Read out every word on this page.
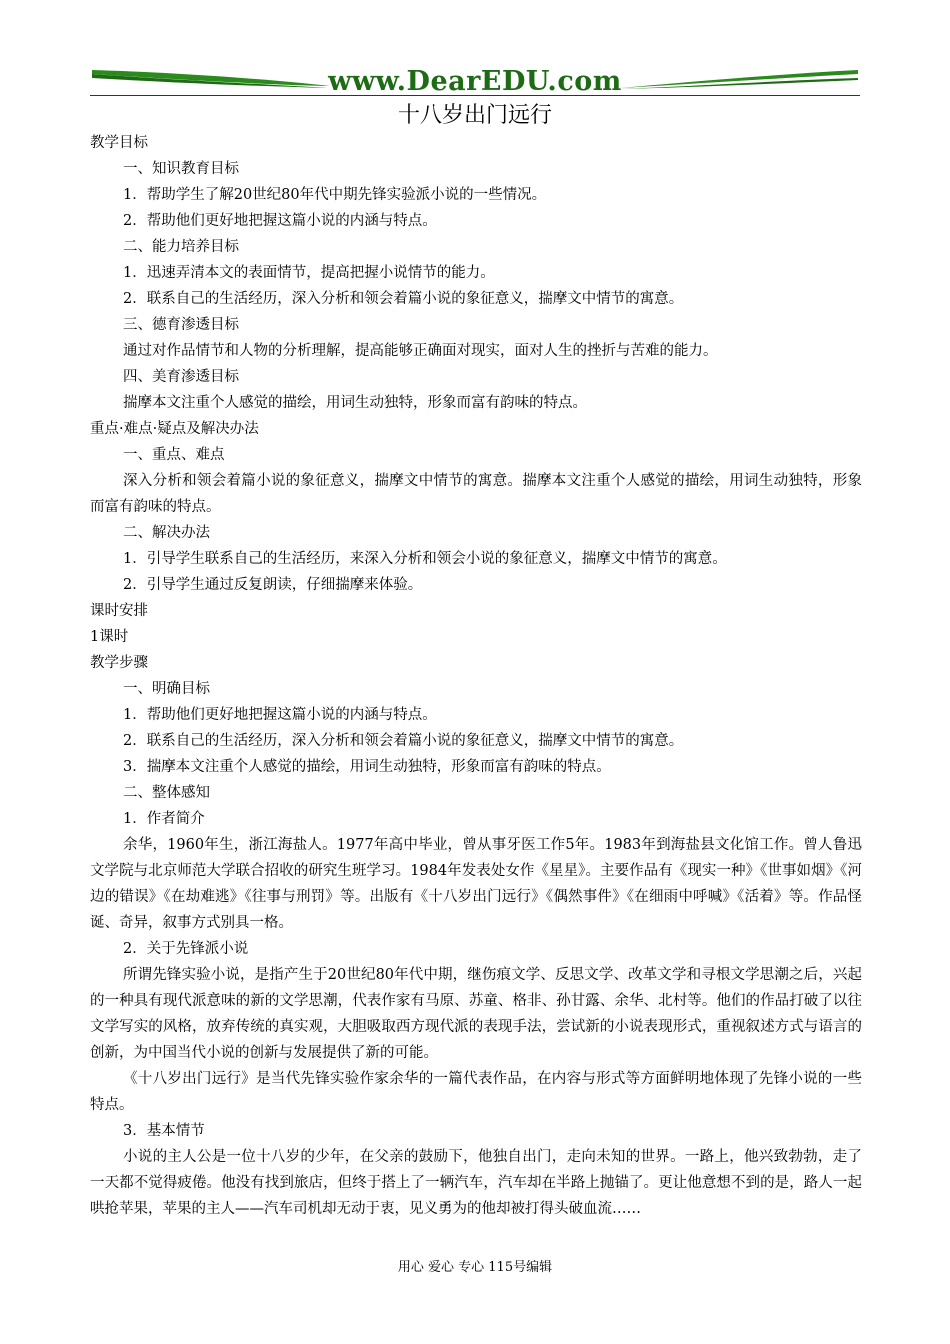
www.DearEDU.com
十八岁出门远行

教学目标

一、知识教育目标

1．帮助学生了解20世纪80年代中期先锋实验派小说的一些情况。

2．帮助他们更好地把握这篇小说的内涵与特点。

二、能力培养目标

1．迅速弄清本文的表面情节，提高把握小说情节的能力。

2．联系自己的生活经历，深入分析和领会着篇小说的象征意义，揣摩文中情节的寓意。

三、德育渗透目标

通过对作品情节和人物的分析理解，提高能够正确面对现实，面对人生的挫折与苦难的能力。

四、美育渗透目标

揣摩本文注重个人感觉的描绘，用词生动独特，形象而富有韵味的特点。

重点·难点·疑点及解决办法

一、重点、难点

深入分析和领会着篇小说的象征意义，揣摩文中情节的寓意。揣摩本文注重个人感觉的描绘，用词生动独特，形象而富有韵味的特点。

二、解决办法

1．引导学生联系自己的生活经历，来深入分析和领会小说的象征意义，揣摩文中情节的寓意。

2．引导学生通过反复朗读，仔细揣摩来体验。

课时安排

1课时

教学步骤

一、明确目标

1．帮助他们更好地把握这篇小说的内涵与特点。

2．联系自己的生活经历，深入分析和领会着篇小说的象征意义，揣摩文中情节的寓意。

3．揣摩本文注重个人感觉的描绘，用词生动独特，形象而富有韵味的特点。

二、整体感知

1．作者简介

余华，1960年生，浙江海盐人。1977年高中毕业，曾从事牙医工作5年。1983年到海盐县文化馆工作。曾人鲁迅文学院与北京师范大学联合招收的研究生班学习。1984年发表处女作《星星》。主要作品有《现实一种》《世事如烟》《河边的错误》《在劫难逃》《往事与刑罚》等。出版有《十八岁出门远行》《偶然事件》《在细雨中呼喊》《活着》等。作品怪诞、奇异，叙事方式别具一格。

2．关于先锋派小说

所谓先锋实验小说，是指产生于20世纪80年代中期，继伤痕文学、反思文学、改革文学和寻根文学思潮之后，兴起的一种具有现代派意味的新的文学思潮，代表作家有马原、苏童、格非、孙甘露、余华、北村等。他们的作品打破了以往文学写实的风格，放弃传统的真实观，大胆吸取西方现代派的表现手法，尝试新的小说表现形式，重视叙述方式与语言的创新，为中国当代小说的创新与发展提供了新的可能。

《十八岁出门远行》是当代先锋实验作家余华的一篇代表作品，在内容与形式等方面鲜明地体现了先锋小说的一些特点。

3．基本情节

小说的主人公是一位十八岁的少年，在父亲的鼓励下，他独自出门，走向未知的世界。一路上，他兴致勃勃，走了一天都不觉得疲倦。他没有找到旅店，但终于搭上了一辆汽车，汽车却在半路上抛锚了。更让他意想不到的是，路人一起哄抢苹果，苹果的主人——汽车司机却无动于衷，见义勇为的他却被打得头破血流……

用心 爱心 专心 115号编辑
